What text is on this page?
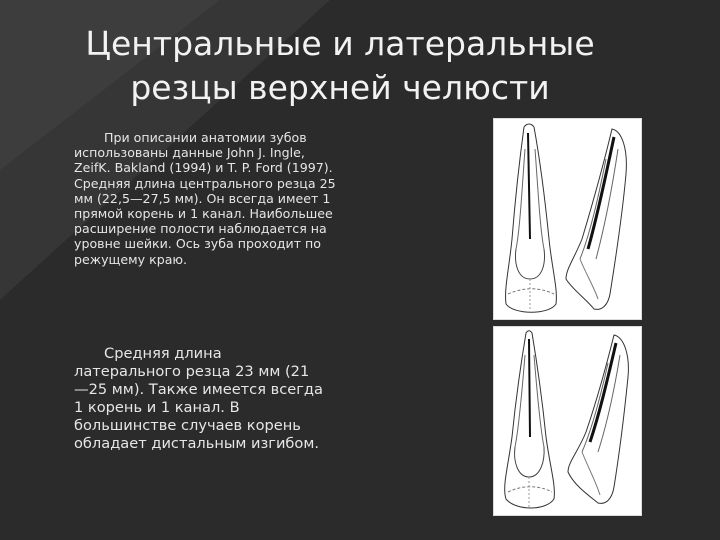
Центральные и латеральные
резцы верхней челюсти
При описании анатомии зубов использованы данные John J. Ingle, ZeifK. Bakland (1994) и T. P. Ford (1997). Средняя длина центрального резца 25 мм (22,5—27,5 мм). Он всегда имеет 1 прямой корень и 1 канал. Наибольшее расширение полости наблюдается на уровне шейки. Ось зуба проходит по режущему краю.
Средняя длина латерального резца 23 мм (21 —25 мм). Также имеется всегда 1 корень и 1 канал. В большинстве случаев корень обладает дистальным изгибом.
